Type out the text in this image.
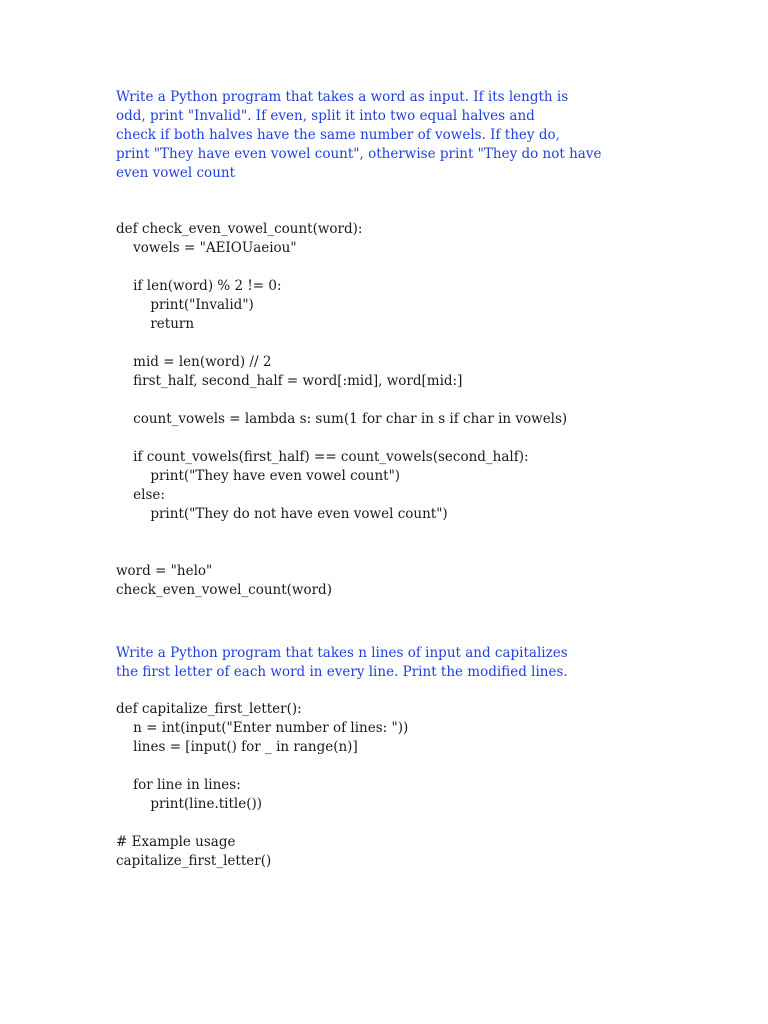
Write a Python program that takes a word as input. If its length is

odd, print "Invalid". If even, split it into two equal halves and

check if both halves have the same number of vowels. If they do,

print "They have even vowel count", otherwise print "They do not have

even vowel count

def check_even_vowel_count(word):

vowels = "AEIOUaeiou"

if len(word) % 2 != 0:

print("Invalid")

return

mid = len(word) // 2

first_half, second_half = word[:mid], word[mid:]

count_vowels = lambda s: sum(1 for char in s if char in vowels)

if count_vowels(first_half) == count_vowels(second_half):

print("They have even vowel count")

else:

print("They do not have even vowel count")

word = "helo"

check_even_vowel_count(word)

Write a Python program that takes n lines of input and capitalizes

the first letter of each word in every line. Print the modified lines.

def capitalize_first_letter():

n = int(input("Enter number of lines: "))

lines = [input() for _ in range(n)]

for line in lines:

print(line.title())

# Example usage

capitalize_first_letter()
